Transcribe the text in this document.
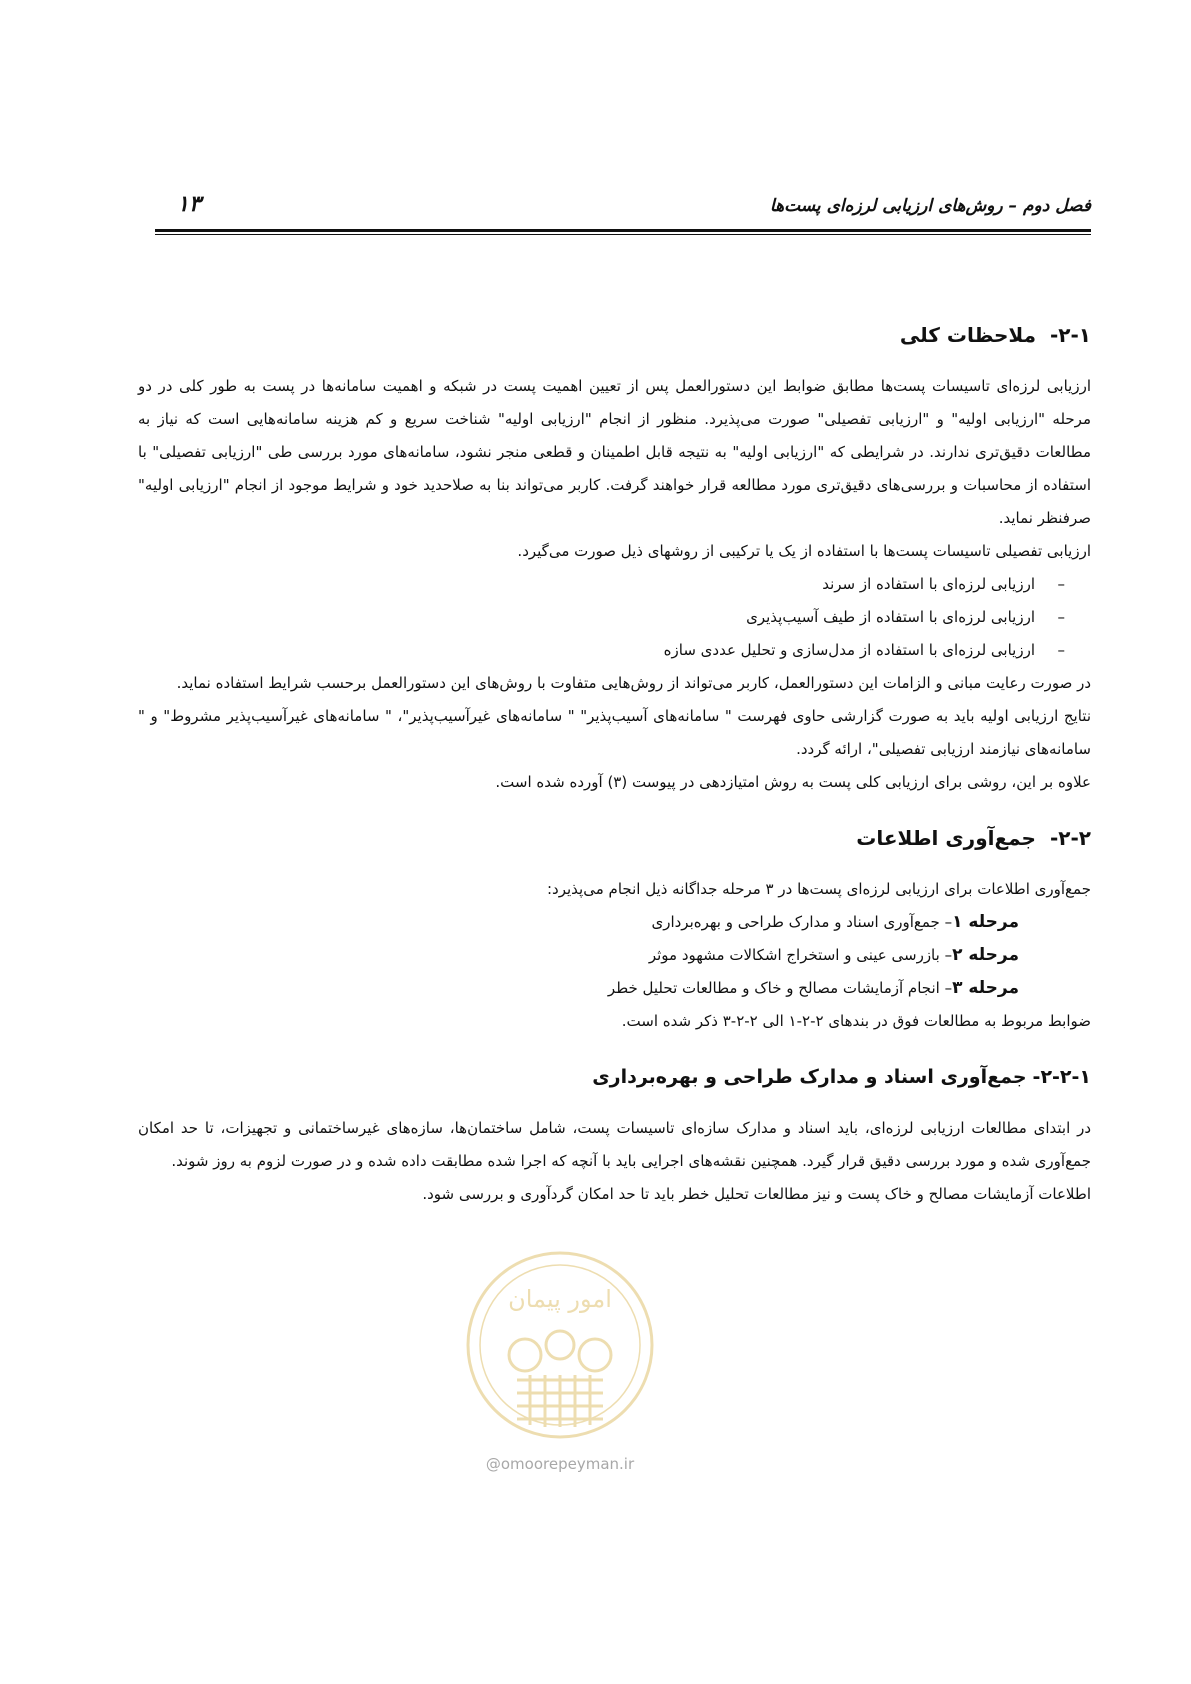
فصل دوم – روش‌های ارزیابی لرزه‌ای پست‌ها
۱۳
۲-۱-ملاحظات کلی

ارزیابی لرزه‌ای تاسیسات پست‌ها مطابق ضوابط این دستورالعمل پس از تعیین اهمیت پست در شبکه و اهمیت سامانه‌ها در پست به طور کلی در دو مرحله "ارزیابی اولیه" و "ارزیابی تفصیلی" صورت می‌پذیرد. منظور از انجام "ارزیابی اولیه" شناخت سریع و کم هزینه سامانه‌هایی است که نیاز به مطالعات دقیق‌تری ندارند. در شرایطی که "ارزیابی اولیه" به نتیجه قابل اطمینان و قطعی منجر نشود، سامانه‌های مورد بررسی طی "ارزیابی تفصیلی" با استفاده از محاسبات و بررسی‌های دقیق‌تری مورد مطالعه قرار خواهند گرفت. کاربر می‌تواند بنا به صلاحدید خود و شرایط موجود از انجام "ارزیابی اولیه" صرفنظر نماید.

ارزیابی تفصیلی تاسیسات پست‌ها با استفاده از یک یا ترکیبی از روشهای ذیل صورت می‌گیرد.

–ارزیابی لرزه‌ای با استفاده از سرند
–ارزیابی لرزه‌ای با استفاده از طیف آسیب‌پذیری
–ارزیابی لرزه‌ای با استفاده از مدل‌سازی و تحلیل عددی سازه

در صورت رعایت مبانی و الزامات این دستورالعمل، کاربر می‌تواند از روش‌هایی متفاوت با روش‌های این دستورالعمل برحسب شرایط استفاده نماید.

نتایج ارزیابی اولیه باید به صورت گزارشی حاوی فهرست " سامانه‌های آسیب‌پذیر" " سامانه‌های غیرآسیب‌پذیر"، " سامانه‌های غیرآسیب‌پذیر مشروط" و " سامانه‌های نیازمند ارزیابی تفصیلی"، ارائه گردد.

علاوه بر این، روشی برای ارزیابی کلی پست به روش امتیازدهی در پیوست (۳) آورده شده است.

۲-۲-جمع‌آوری اطلاعات

جمع‌آوری اطلاعات برای ارزیابی لرزه‌ای پست‌ها در ۳ مرحله جداگانه ذیل انجام می‌پذیرد:

مرحله ۱– جمع‌آوری اسناد و مدارک طراحی و بهره‌برداری
مرحله ۲– بازرسی عینی و استخراج اشکالات مشهود موثر
مرحله ۳– انجام آزمایشات مصالح و خاک و مطالعات تحلیل خطر

ضوابط مربوط به مطالعات فوق در بندهای ۲-۲-۱ الی ۲-۲-۳ ذکر شده است.

۲-۲-۱-جمع‌آوری اسناد و مدارک طراحی و بهره‌برداری

در ابتدای مطالعات ارزیابی لرزه‌ای، باید اسناد و مدارک سازه‌ای تاسیسات پست، شامل ساختمان‌ها، سازه‌های غیرساختمانی و تجهیزات، تا حد امکان جمع‌آوری شده و مورد بررسی دقیق قرار گیرد. همچنین نقشه‌های اجرایی باید با آنچه که اجرا شده مطابقت داده شده و در صورت لزوم به روز شوند.

اطلاعات آزمایشات مصالح و خاک پست و نیز مطالعات تحلیل خطر باید تا حد امکان گردآوری و بررسی شود.

امور پیمان
@omoorepeyman.ir
